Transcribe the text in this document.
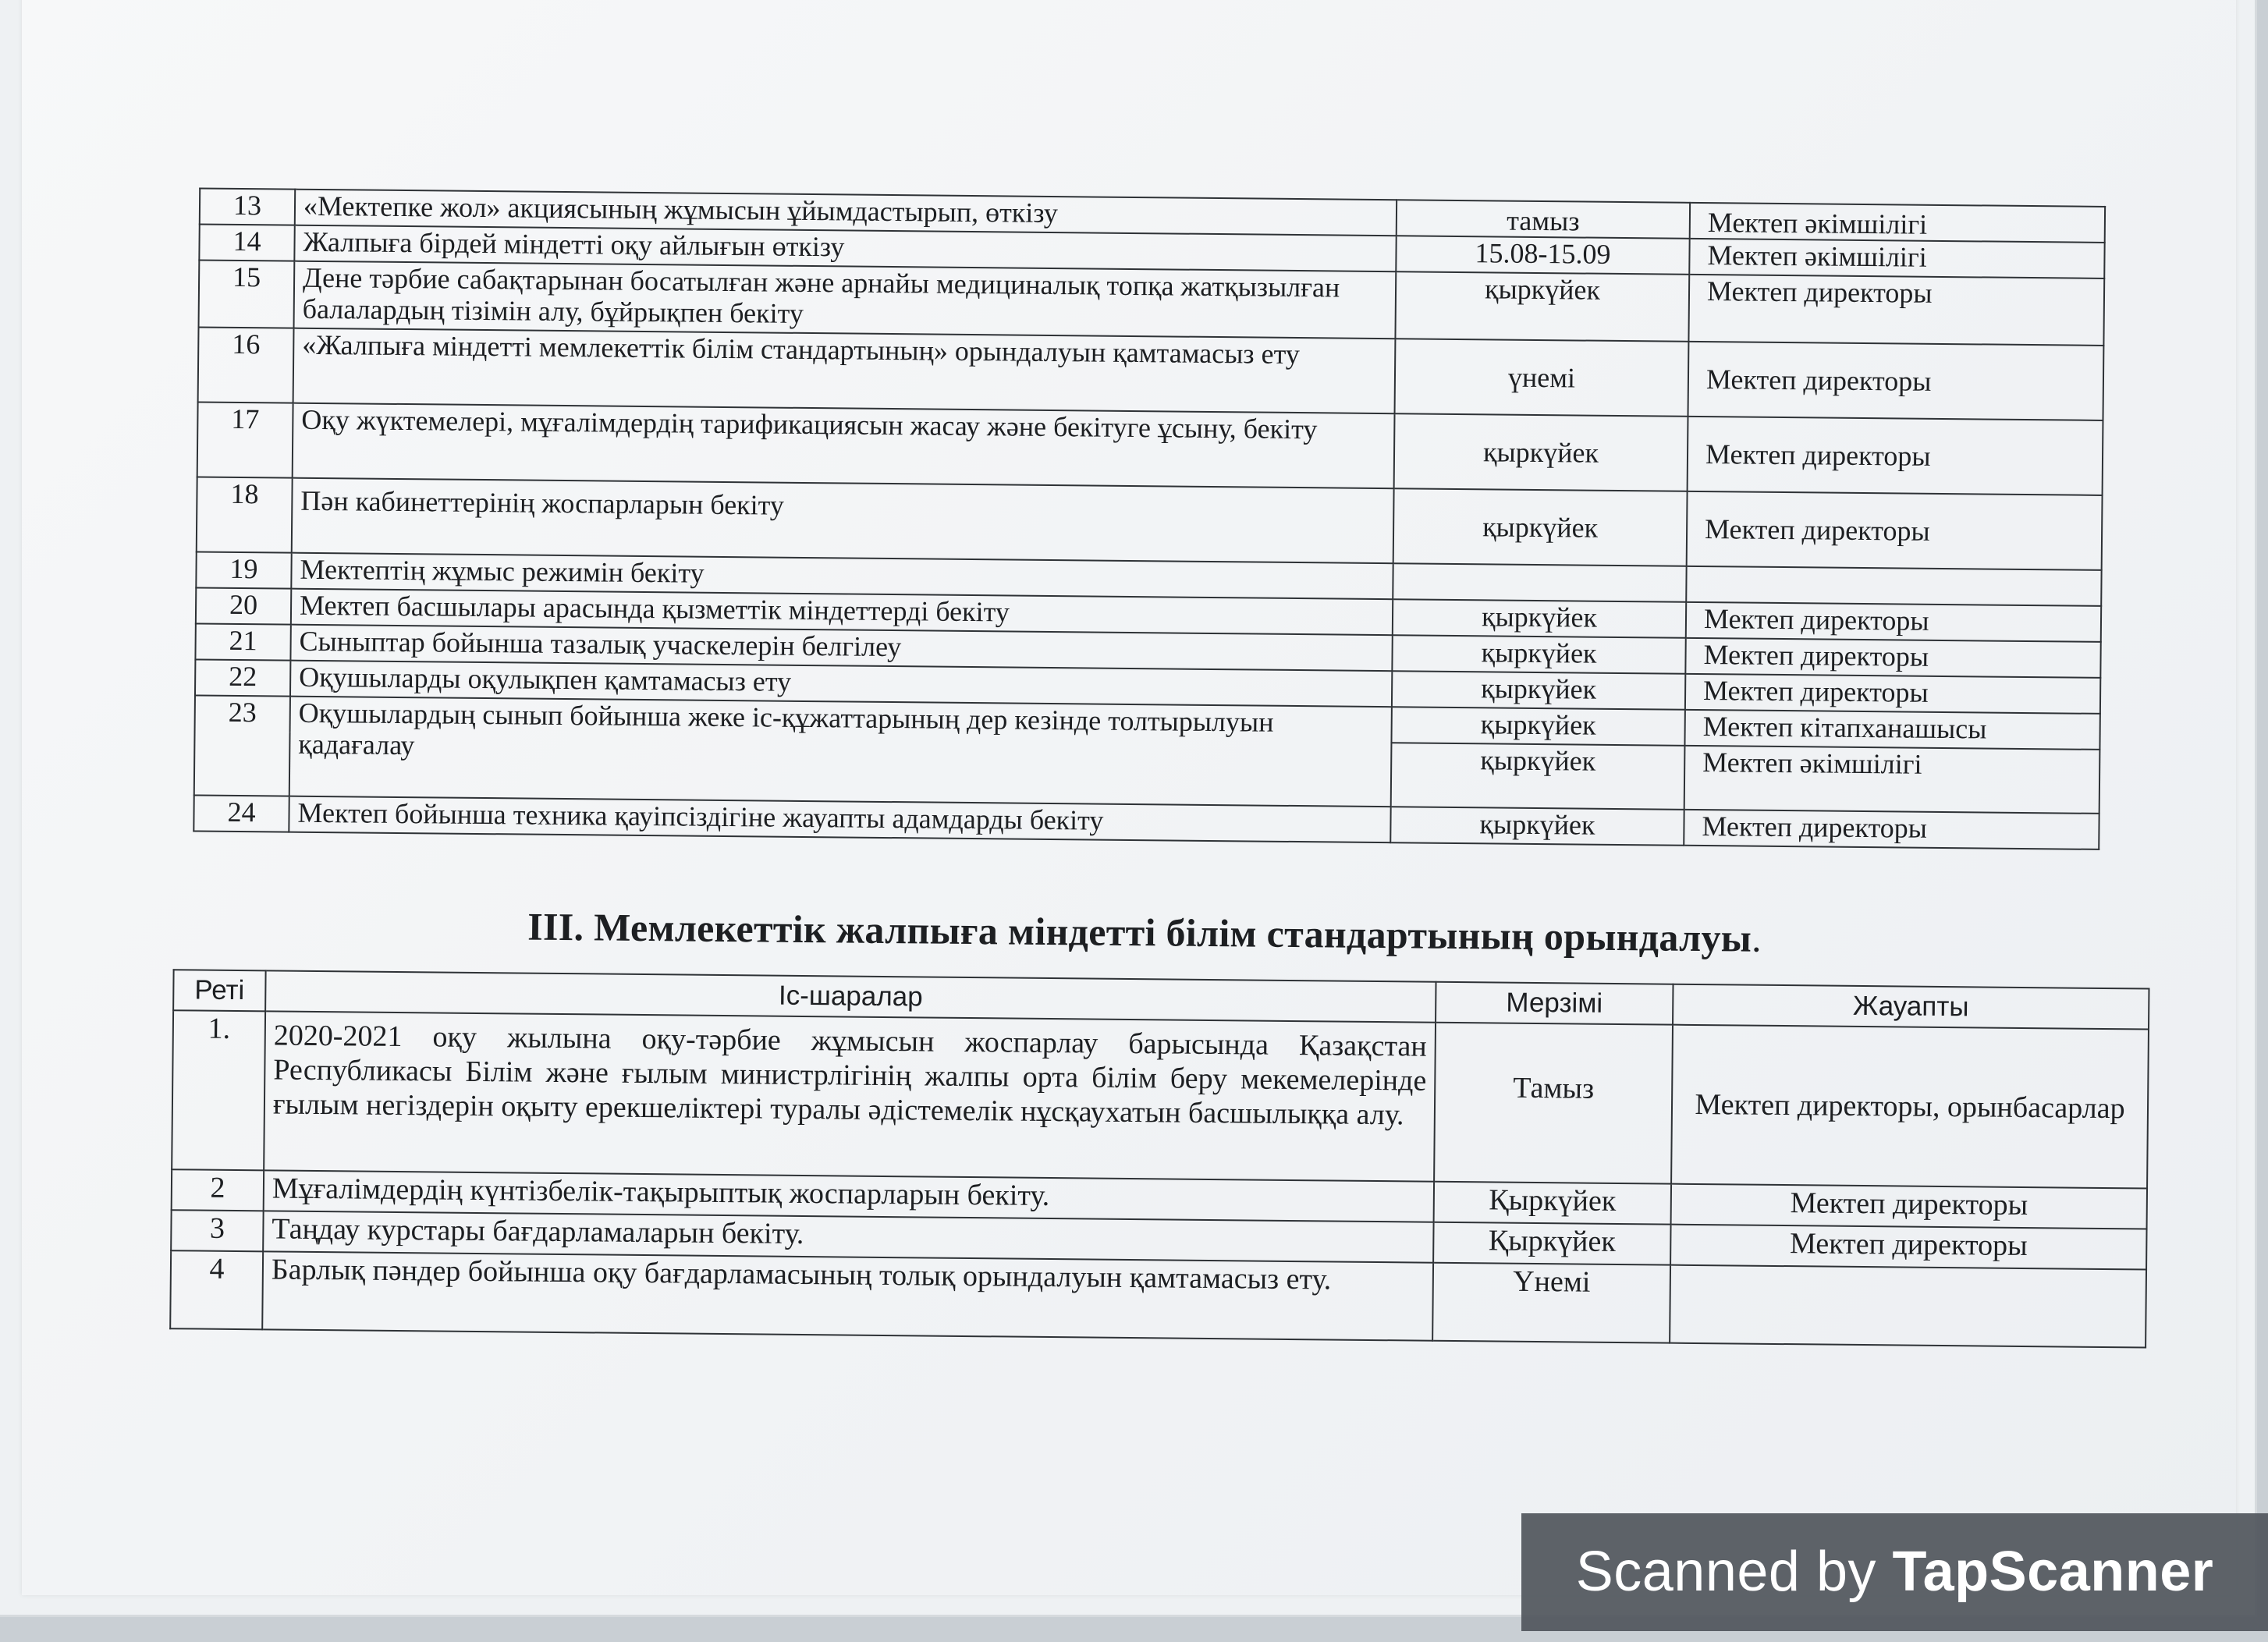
13	«Мектепке жол» акциясының жұмысын ұйымдастырып, өткізу	тамыз	Мектеп әкімшілігі
14	Жалпыға бірдей міндетті оқу айлығын өткізу	15.08-15.09	Мектеп әкімшілігі
15	Дене тәрбие сабақтарынан босатылған және арнайы медициналық топқа жатқызылған балалардың тізімін алу, бұйрықпен бекіту	қыркүйек	Мектеп директоры
16	«Жалпыға міндетті мемлекеттік білім стандартының» орындалуын қамтамасыз ету	үнемі	Мектеп директоры
17	Оқу жүктемелері, мұғалімдердің тарификациясын жасау және бекітуге ұсыну, бекіту	қыркүйек	Мектеп директоры
18	Пән кабинеттерінің жоспарларын бекіту	қыркүйек	Мектеп директоры
19	Мектептің жұмыс режимін бекіту		
20	Мектеп басшылары арасында қызметтік міндеттерді бекіту	қыркүйек	Мектеп директоры
21	Сыныптар бойынша тазалық учаскелерін белгілеу	қыркүйек	Мектеп директоры
22	Оқушыларды оқулықпен қамтамасыз ету	қыркүйек	Мектеп директоры
23	Оқушылардың сынып бойынша жеке іс-құжаттарының дер кезінде толтырылуын қадағалау	қыркүйек	Мектеп кітапханашысы
		қыркүйек	Мектеп әкімшілігі
24	Мектеп бойынша техника қауіпсіздігіне жауапты адамдарды бекіту	қыркүйек	Мектеп директоры
III. Мемлекеттік жалпыға міндетті білім стандартының орындалуы.
Реті	Іс-шаралар	Мерзімі	Жауапты
1.	2020-2021 оқу жылына оқу-тәрбие жұмысын жоспарлау барысында Қазақстан Республикасы Білім және ғылым министрлігінің жалпы орта білім беру мекемелерінде ғылым негіздерін оқыту ерекшеліктері туралы әдістемелік нұсқаухатын басшылыққа алу.	Тамыз	Мектеп директоры, орынбасарлар
2	Мұғалімдердің күнтізбелік-тақырыптық жоспарларын бекіту.	Қыркүйек	Мектеп директоры
3	Таңдау курстары бағдарламаларын бекіту.	Қыркүйек	Мектеп директоры
4	Барлық пәндер бойынша оқу бағдарламасының толық орындалуын қамтамасыз ету.	Үнемі	
Scanned by TapScanner
